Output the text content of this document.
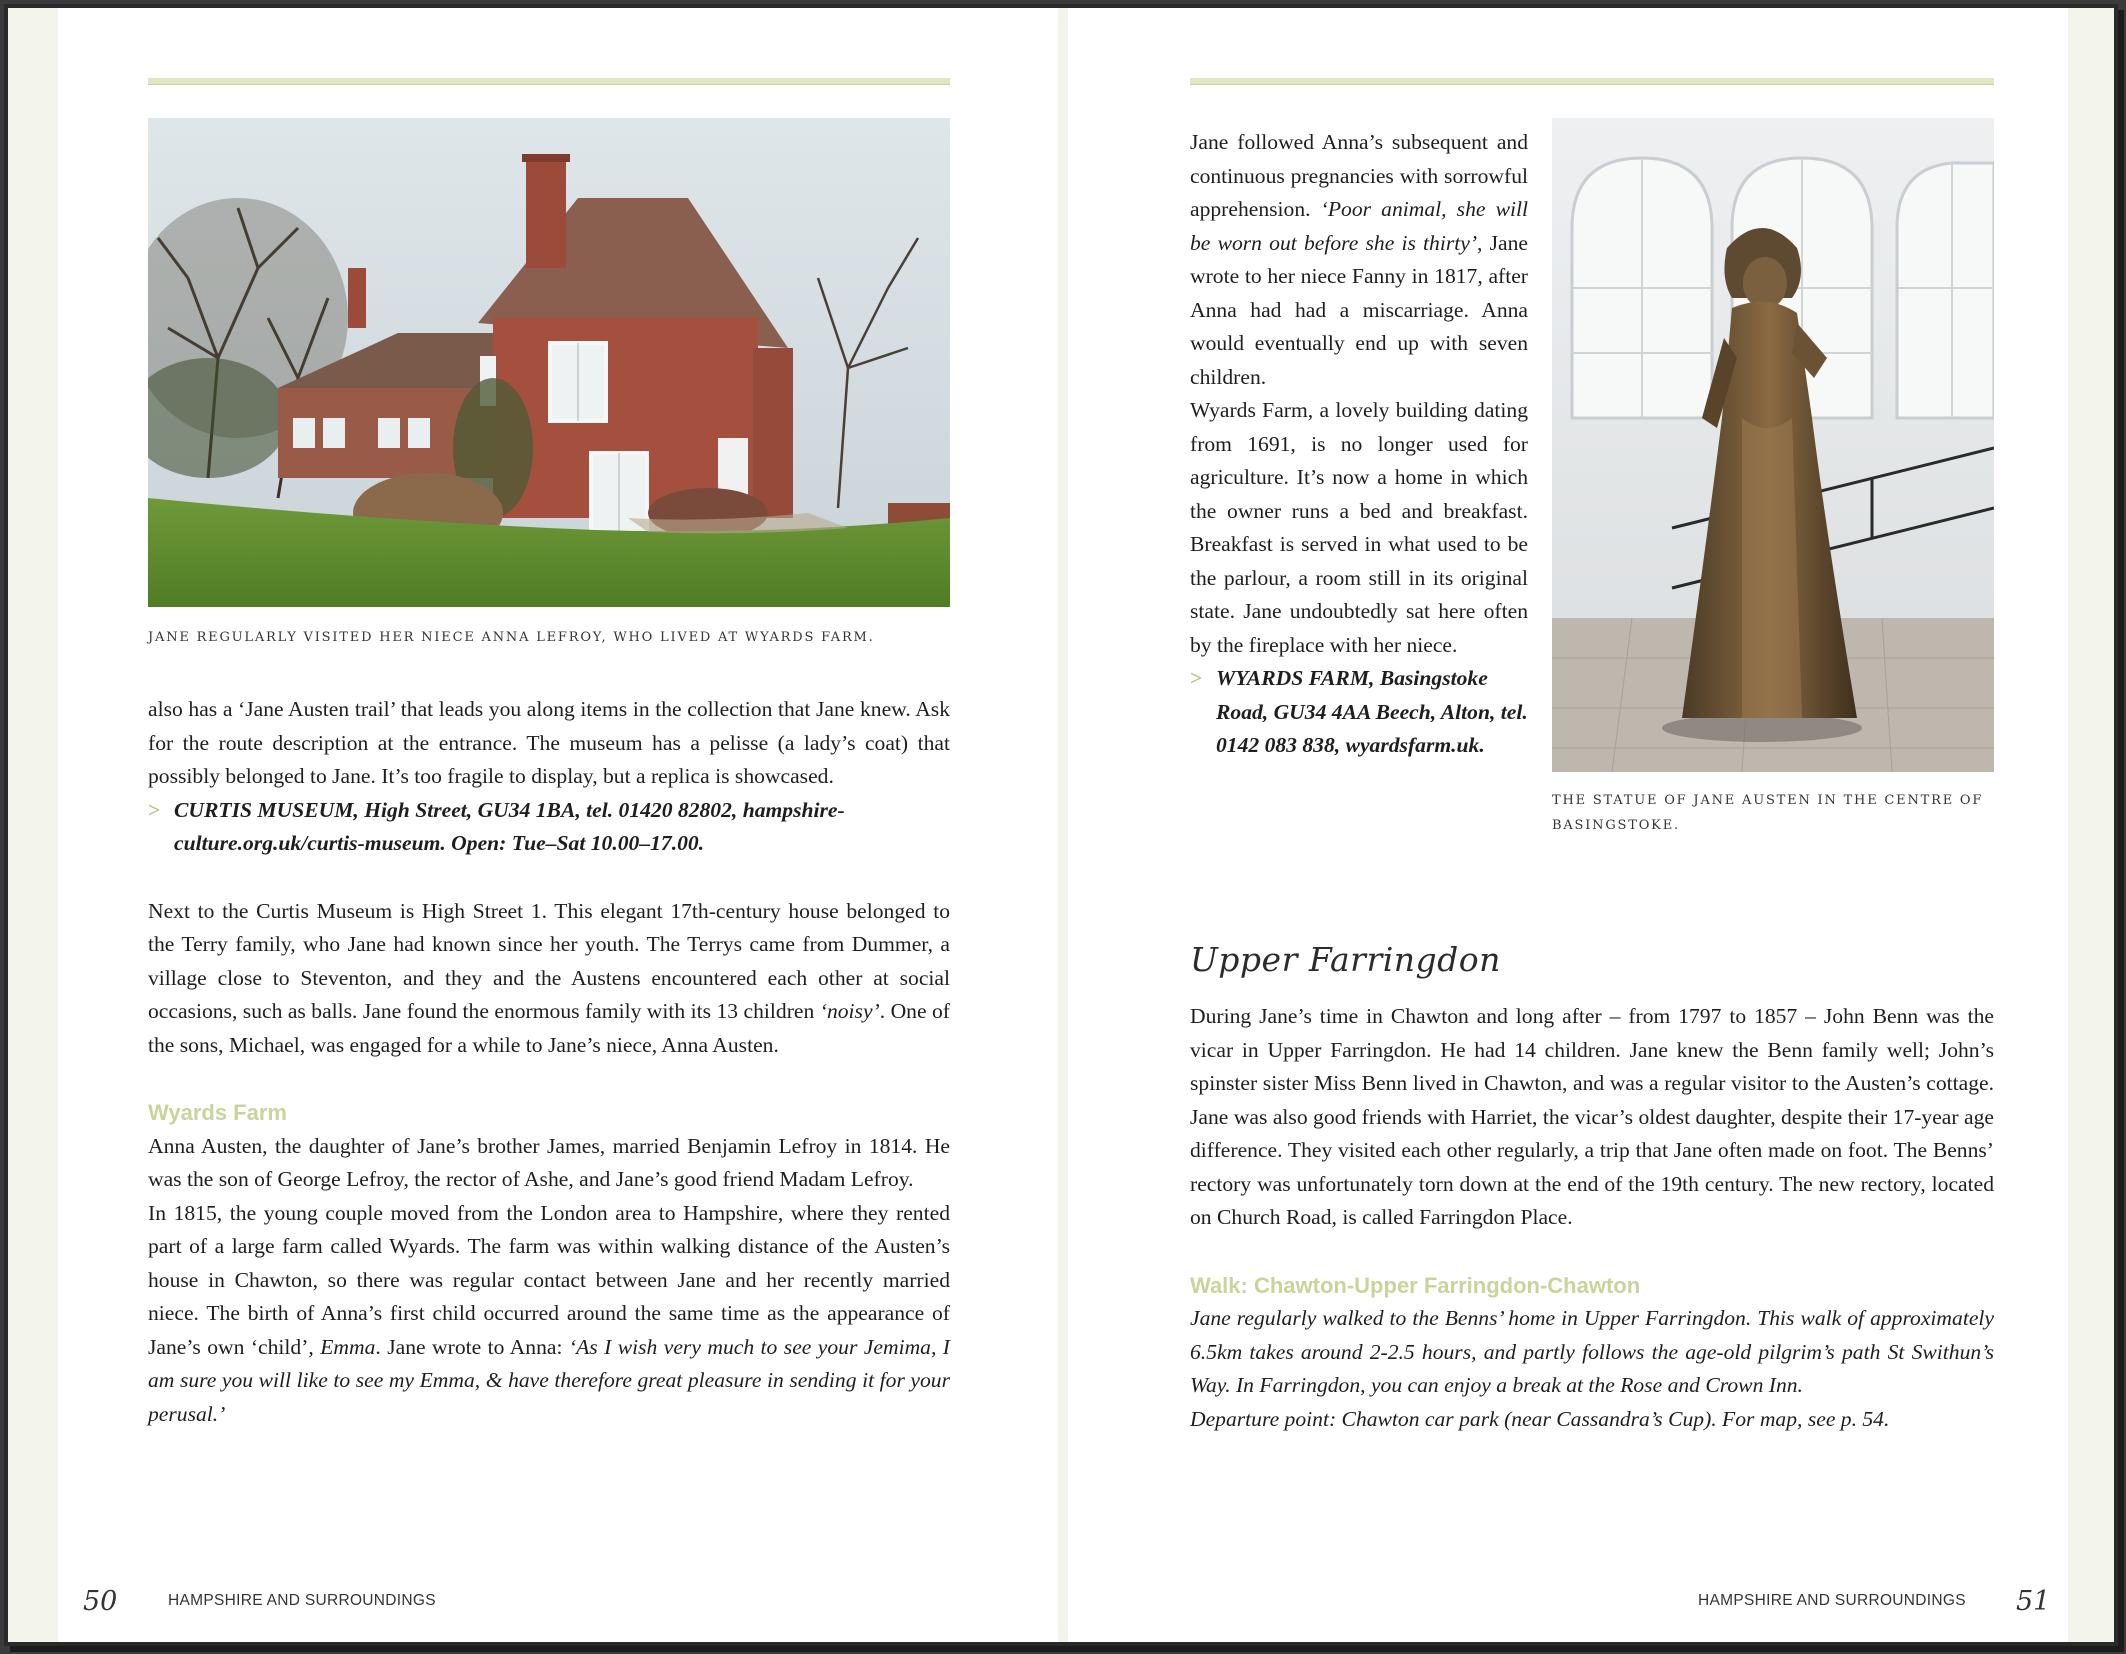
JANE REGULARLY VISITED HER NIECE ANNA LEFROY, WHO LIVED AT WYARDS FARM.

also has a ‘Jane Austen trail’ that leads you along items in the collection that Jane knew. Ask for the route description at the entrance. The museum has a pelisse (a lady’s coat) that possibly belonged to Jane. It’s too fragile to display, but a replica is showcased.

> CURTIS MUSEUM, High Street, GU34 1BA, tel. 01420 82802, hampshire-culture.org.uk/curtis-museum. Open: Tue–Sat 10.00–17.00.

Next to the Curtis Museum is High Street 1. This elegant 17th-century house belonged to the Terry family, who Jane had known since her youth. The Terrys came from Dummer, a village close to Steventon, and they and the Austens encountered each other at social occasions, such as balls. Jane found the enormous family with its 13 children ‘noisy’. One of the sons, Michael, was engaged for a while to Jane’s niece, Anna Austen.

Wyards Farm

Anna Austen, the daughter of Jane’s brother James, married Benjamin Lefroy in 1814. He was the son of George Lefroy, the rector of Ashe, and Jane’s good friend Madam Lefroy.

In 1815, the young couple moved from the London area to Hampshire, where they rented part of a large farm called Wyards. The farm was within walking distance of the Austen’s house in Chawton, so there was regular contact between Jane and her recently married niece. The birth of Anna’s first child occurred around the same time as the appearance of Jane’s own ‘child’, Emma. Jane wrote to Anna: ‘As I wish very much to see your Jemima, I am sure you will like to see my Emma, & have therefore great pleasure in sending it for your perusal.’

50	HAMPSHIRE AND SURROUNDINGS

Jane followed Anna’s subsequent and continuous pregnancies with sorrowful apprehension. ‘Poor animal, she will be worn out before she is thirty’, Jane wrote to her niece Fanny in 1817, after Anna had had a miscarriage. Anna would eventually end up with seven children.

Wyards Farm, a lovely building dating from 1691, is no longer used for agriculture. It’s now a home in which the owner runs a bed and breakfast. Breakfast is served in what used to be the parlour, a room still in its original state. Jane undoubtedly sat here often by the fireplace with her niece.

> WYARDS FARM, Basingstoke Road, GU34 4AA Beech, Alton, tel. 0142 083 838, wyardsfarm.uk.

THE STATUE OF JANE AUSTEN IN THE CENTRE OF BASINGSTOKE.
Upper Farringdon

During Jane’s time in Chawton and long after – from 1797 to 1857 – John Benn was the vicar in Upper Farringdon. He had 14 children. Jane knew the Benn family well; John’s spinster sister Miss Benn lived in Chawton, and was a regular visitor to the Austen’s cottage. Jane was also good friends with Harriet, the vicar’s oldest daughter, despite their 17-year age difference. They visited each other regularly, a trip that Jane often made on foot. The Benns’ rectory was unfortunately torn down at the end of the 19th century. The new rectory, located on Church Road, is called Farringdon Place.

Walk: Chawton-Upper Farringdon-Chawton

Jane regularly walked to the Benns’ home in Upper Farringdon. This walk of approximately 6.5km takes around 2-2.5 hours, and partly follows the age-old pilgrim’s path St Swithun’s Way. In Farringdon, you can enjoy a break at the Rose and Crown Inn.

Departure point: Chawton car park (near Cassandra’s Cup). For map, see p. 54.

HAMPSHIRE AND SURROUNDINGS 51
